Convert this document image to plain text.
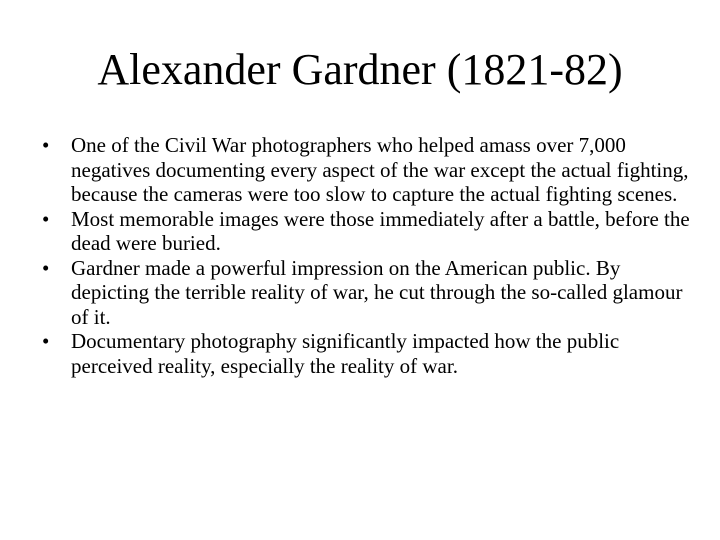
Alexander Gardner (1821-82)
•	One of the Civil War photographers who helped amass over 7,000 negatives documenting every aspect of the war except the actual fighting, because the cameras were too slow to capture the actual fighting scenes.
•	Most memorable images were those immediately after a battle, before the dead were buried.
•	Gardner made a powerful impression on the American public. By depicting the terrible reality of war, he cut through the so-called glamour of it.
•	Documentary photography significantly impacted how the public perceived reality, especially the reality of war.
